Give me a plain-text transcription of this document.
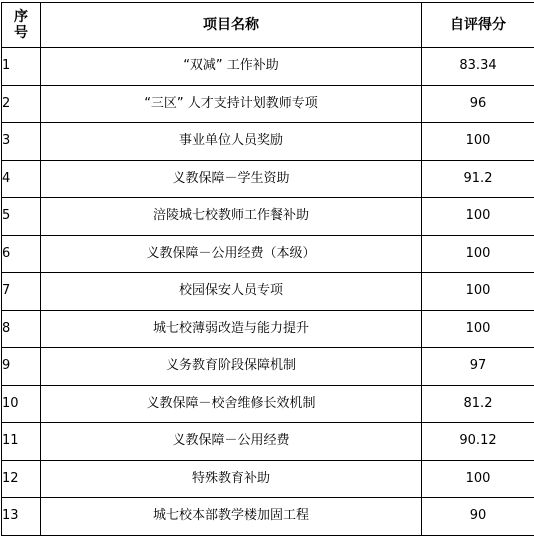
序
号	项目名称	自评得分
1	“双减” 工作补助	83.34
2	“三区” 人才支持计划教师专项	96
3	事业单位人员奖励	100
4	义教保障－学生资助	91.2
5	涪陵城七校教师工作餐补助	100
6	义教保障－公用经费（本级）	100
7	校园保安人员专项	100
8	城七校薄弱改造与能力提升	100
9	义务教育阶段保障机制	97
10	义教保障－校舍维修长效机制	81.2
11	义教保障－公用经费	90.12
12	特殊教育补助	100
13	城七校本部教学楼加固工程	90
